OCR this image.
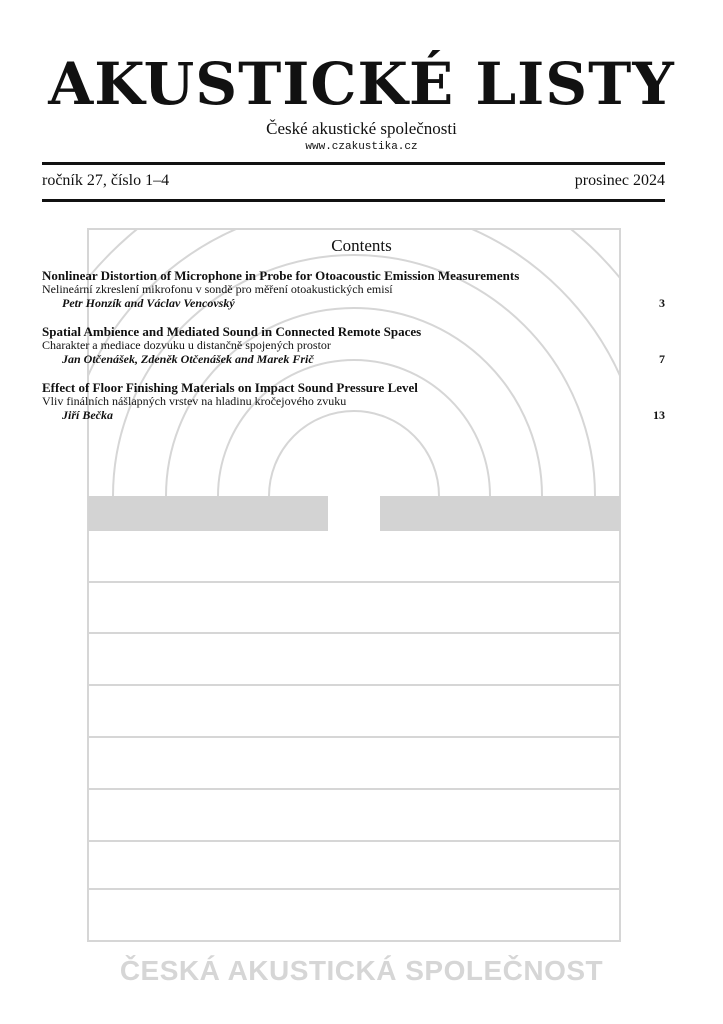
AKUSTICKÉ LISTY
České akustické společnosti
www.czakustika.cz
ročník 27, číslo 1–4	prosinec 2024
Contents
Nonlinear Distortion of Microphone in Probe for Otoacoustic Emission Measurements
Nelineární zkreslení mikrofonu v sondě pro měření otoakustických emisí
Petr Honzík and Václav Vencovský	3
Spatial Ambience and Mediated Sound in Connected Remote Spaces
Charakter a mediace dozvuku u distančně spojených prostor
Jan Otčenášek, Zdeněk Otčenášek and Marek Frič	7
Effect of Floor Finishing Materials on Impact Sound Pressure Level
Vliv finálních nášlapných vrstev na hladinu kročejového zvuku
Jiří Bečka	13
ČESKÁ AKUSTICKÁ SPOLEČNOST
